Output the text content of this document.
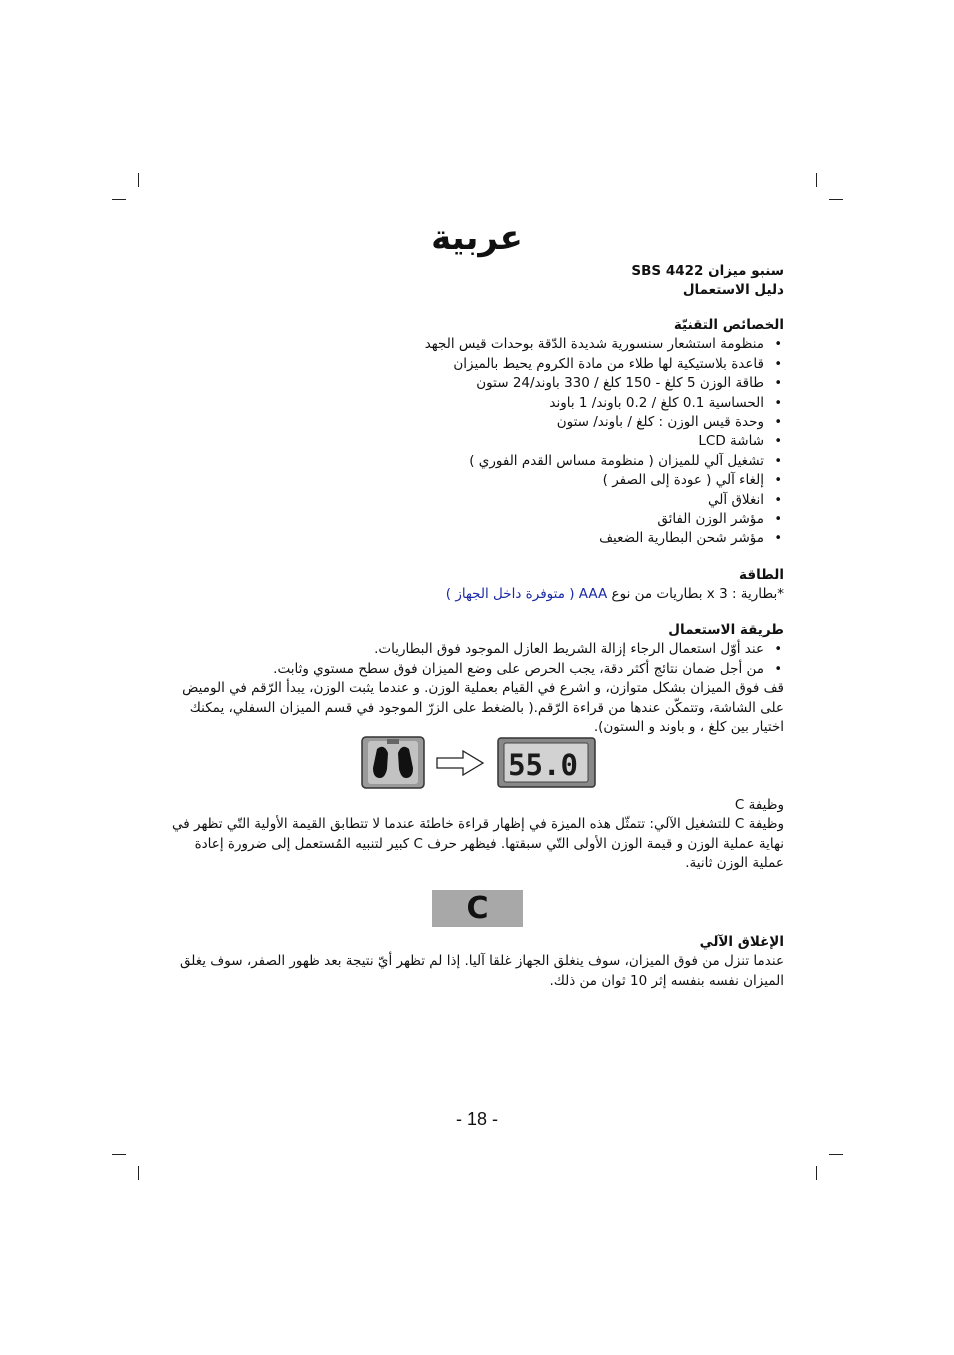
عربية
سنبو ميزان SBS 4422
دليل الاستعمال
الخصائص التقنيّة
• منظومة استشعار سنسورية شديدة الدّقة بوحدات قيس الجهد
• قاعدة بلاستيكية لها طلاء من مادة الكروم يحيط بالميزان
• طاقة الوزن 5 كلغ - 150 كلغ / 330 باوند/24 ستون
• الحساسية 0.1 كلغ / 0.2 باوند/ 1 باوند
• وحدة قيس الوزن : كلغ / باوند/ ستون
• شاشة LCD
• تشغيل آلي للميزان ( منظومة مساس القدم الفوري )
• إلغاء آلي ( عودة إلى الصفر )
• انغلاق آلي
• مؤشر الوزن الفائق
• مؤشر شحن البطارية الضعيف
الطاقة
*بطارية : 3 x بطاريات من نوع AAA ( متوفرة داخل الجهاز )
طريقة الاستعمال
• عند أوّل استعمال الرجاء إزالة الشريط العازل الموجود فوق البطاريات.
• من أجل ضمان نتائج أكثر دقة، يجب الحرص على وضع الميزان فوق سطح مستوي وثابت.
قف فوق الميزان بشكل متوازن، و اشرع في القيام بعملية الوزن. و عندما يثبت الوزن، يبدأ الرّقم في الوميض على الشاشة، وتتمكّن عندها من قراءة الرّقم.( بالضغط على الزرّ الموجود في قسم الميزان السفلي، يمكنك اختيار بين كلغ ، و باوند و الستون).
55.0
وظيفة C
وظيفة C للتشغيل الآلي: تتمثّل هذه الميزة في إظهار قراءة خاطئة عندما لا تتطابق القيمة الأولية التّي تظهر في نهاية عملية الوزن و قيمة الوزن الأولى التّي سبقتها. فيظهر حرف C كبير لتنبيه المُستعمل إلى ضرورة إعادة عملية الوزن ثانية.
C
الإغلاق الآلي
عندما تنزل من فوق الميزان، سوف ينغلق الجهاز غلقا آليا. إذا لم تظهر أيّ نتيجة بعد ظهور الصفر، سوف يغلق الميزان نفسه بنفسه إثر 10 ثوان من ذلك.
- 18 -
